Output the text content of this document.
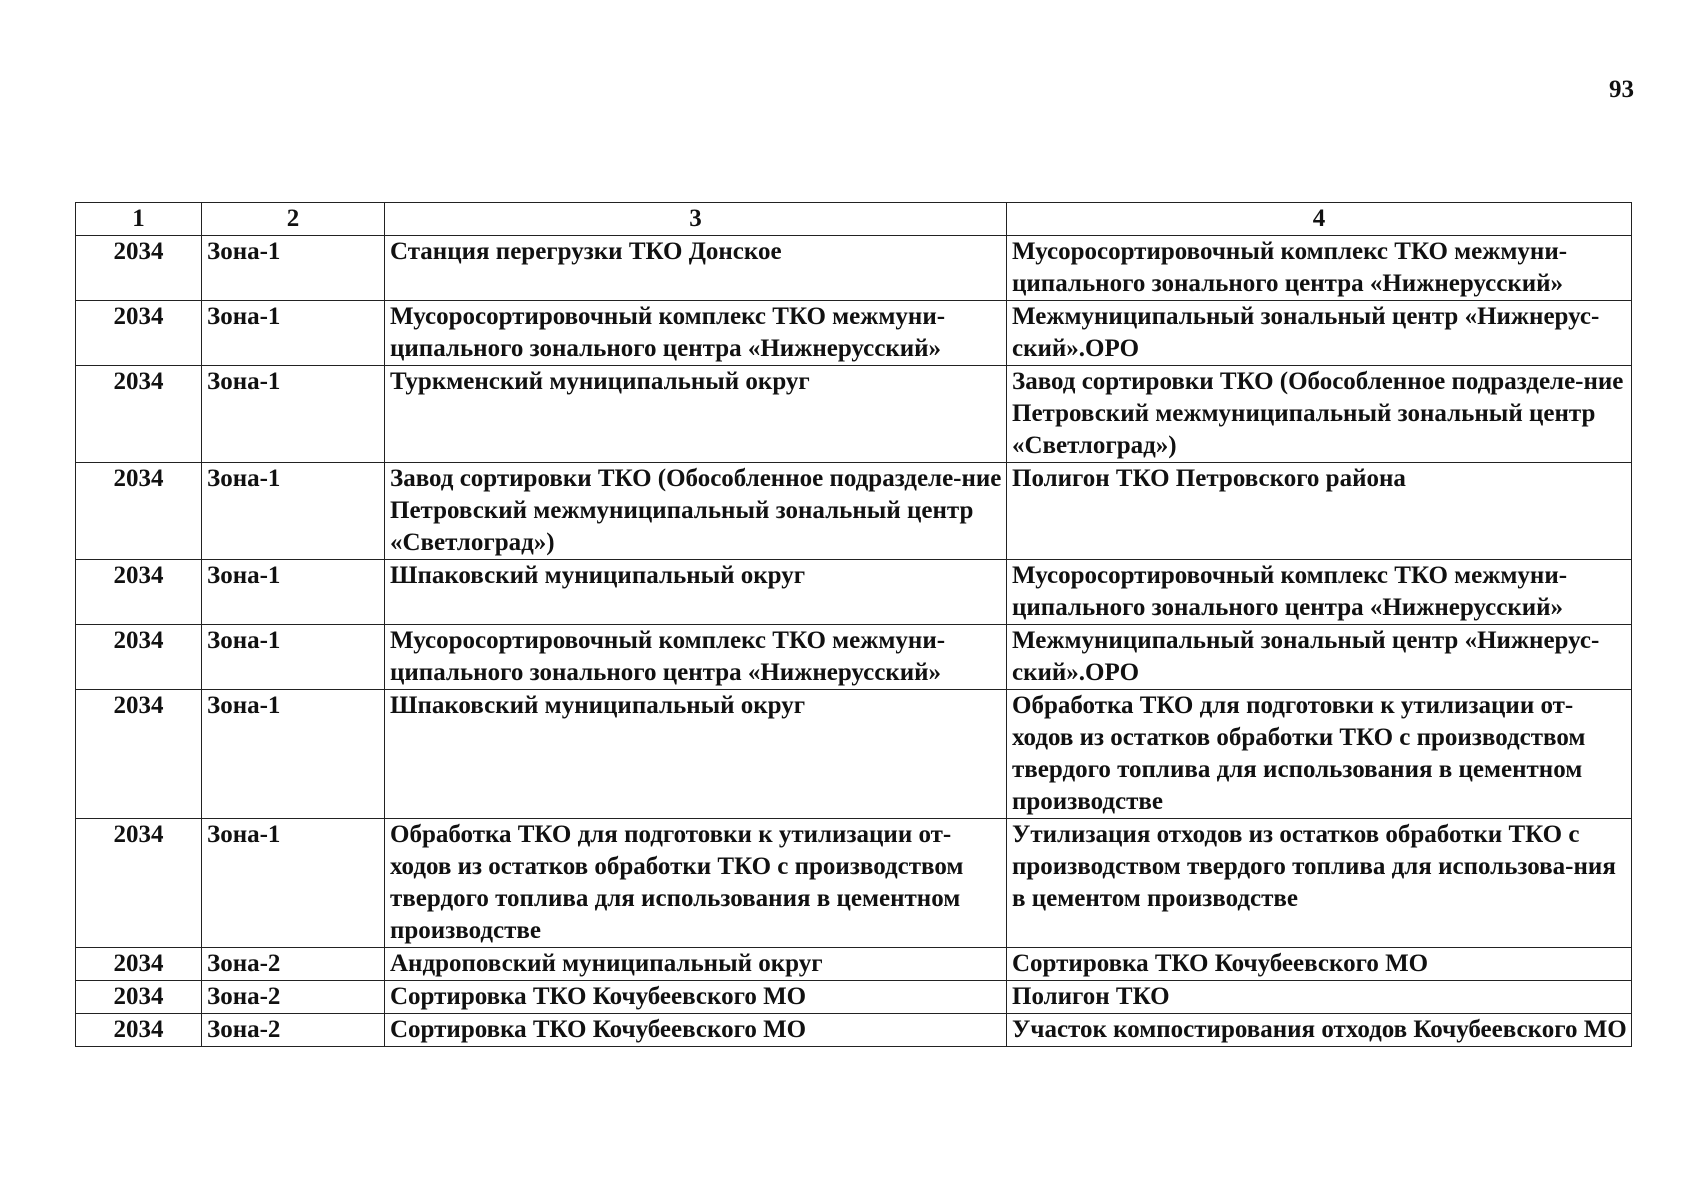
93
1	2	3	4
2034	Зона-1	Станция перегрузки ТКО Донское	Мусоросортировочный комплекс ТКО межмуни-ципального зонального центра «Нижнерусский»
2034	Зона-1	Мусоросортировочный комплекс ТКО межмуни-ципального зонального центра «Нижнерусский»	Межмуниципальный зональный центр «Нижнерус-ский».ОРО
2034	Зона-1	Туркменский муниципальный округ	Завод сортировки ТКО (Обособленное подразделе-ние Петровский межмуниципальный зональный центр «Светлоград»)
2034	Зона-1	Завод сортировки ТКО (Обособленное подразделе-ние Петровский межмуниципальный зональный центр «Светлоград»)	Полигон ТКО Петровского района
2034	Зона-1	Шпаковский муниципальный округ	Мусоросортировочный комплекс ТКО межмуни-ципального зонального центра «Нижнерусский»
2034	Зона-1	Мусоросортировочный комплекс ТКО межмуни-ципального зонального центра «Нижнерусский»	Межмуниципальный зональный центр «Нижнерус-ский».ОРО
2034	Зона-1	Шпаковский муниципальный округ	Обработка ТКО для подготовки к утилизации от-ходов из остатков обработки ТКО с производством твердого топлива для использования в цементном производстве
2034	Зона-1	Обработка ТКО для подготовки к утилизации от-ходов из остатков обработки ТКО с производством твердого топлива для использования в цементном производстве	Утилизация отходов из остатков обработки ТКО с производством твердого топлива для использова-ния в цементом производстве
2034	Зона-2	Андроповский муниципальный округ	Сортировка ТКО Кочубеевского МО
2034	Зона-2	Сортировка ТКО Кочубеевского МО	Полигон ТКО
2034	Зона-2	Сортировка ТКО Кочубеевского МО	Участок компостирования отходов Кочубеевского МО
